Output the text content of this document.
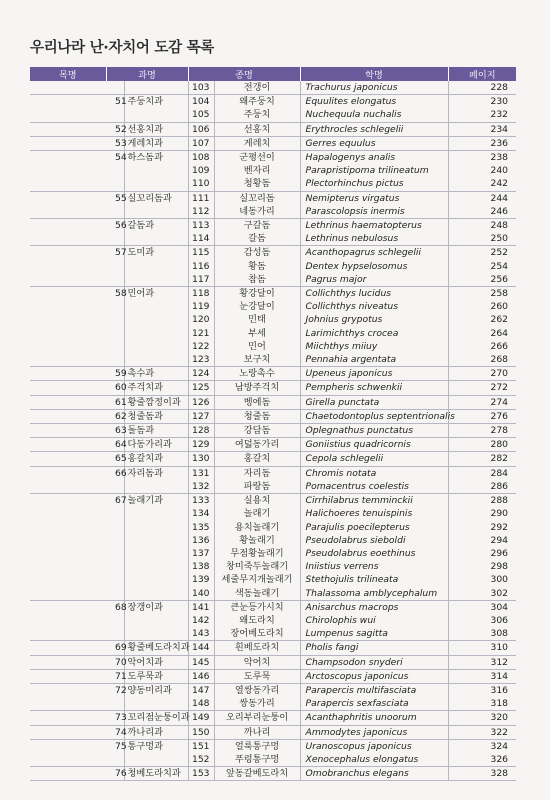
우리나라 난·자치어 도감 목록
목명	과명		종명		학명	페이지
			103	전갱이	Trachurus japonicus	228
	51	주둥치과	104	왜주둥치	Equulites elongatus	230
			105	주둥치	Nuchequula nuchalis	232
	52	선홍치과	106	선홍치	Erythrocles schlegelii	234
	53	게레치과	107	게레치	Gerres equulus	236
	54	하스돔과	108	군평선이	Hapalogenys analis	238
			109	벤자리	Parapristipoma trilineatum	240
			110	청황돔	Plectorhinchus pictus	242
	55	실꼬리돔과	111	실꼬리돔	Nemipterus virgatus	244
			112	네동가리	Parascolopsis inermis	246
	56	갈돔과	113	구갈돔	Lethrinus haematopterus	248
			114	갈돔	Lethrinus nebulosus	250
	57	도미과	115	감성돔	Acanthopagrus schlegelii	252
			116	황돔	Dentex hypselosomus	254
			117	참돔	Pagrus major	256
	58	민어과	118	황강달이	Collichthys lucidus	258
			119	눈강달이	Collichthys niveatus	260
			120	민태	Johnius grypotus	262
			121	부세	Larimichthys crocea	264
			122	민어	Miichthys miiuy	266
			123	보구치	Pennahia argentata	268
	59	촉수과	124	노랑촉수	Upeneus japonicus	270
	60	주걱치과	125	남방주걱치	Pempheris schwenkii	272
	61	황줄깜정이과	126	벵에돔	Girella punctata	274
	62	청줄돔과	127	청줄돔	Chaetodontoplus septentrionalis	276
	63	돌돔과	128	강담돔	Oplegnathus punctatus	278
	64	다동가리과	129	여덟동가리	Goniistius quadricornis	280
	65	홍갈치과	130	홍갈치	Cepola schlegelii	282
	66	자리돔과	131	자리돔	Chromis notata	284
			132	파랑돔	Pomacentrus coelestis	286
	67	놀래기과	133	실용치	Cirrhilabrus temminckii	288
			134	놀래기	Halichoeres tenuispinis	290
			135	용치놀래기	Parajulis poecilepterus	292
			136	황놀래기	Pseudolabrus sieboldi	294
			137	무점황놀래기	Pseudolabrus eoethinus	296
			138	창미죽두놀래기	Iniistius verrens	298
			139	세줄무지개놀래기	Stethojulis trilineata	300
			140	색동놀래기	Thalassoma amblycephalum	302
	68	장갱이과	141	큰눈등가시치	Anisarchus macrops	304
			142	왜도라치	Chirolophis wui	306
			143	장어베도라치	Lumpenus sagitta	308
	69	황줄베도라치과	144	흰베도라치	Pholis fangi	310
	70	악어치과	145	악어치	Champsodon snyderi	312
	71	도루묵과	146	도루묵	Arctoscopus japonicus	314
	72	양동미리과	147	열쌍동가리	Parapercis multifasciata	316
			148	쌍동가리	Parapercis sexfasciata	318
	73	꼬리점눈퉁이과	149	오리부리눈퉁이	Acanthaphritis unoorum	320
	74	까나리과	150	까나리	Ammodytes japonicus	322
	75	통구멍과	151	얼룩통구멍	Uranoscopus japonicus	324
			152	푸렁통구멍	Xenocephalus elongatus	326
	76	청베도라치과	153	앞동갈베도라치	Omobranchus elegans	328
